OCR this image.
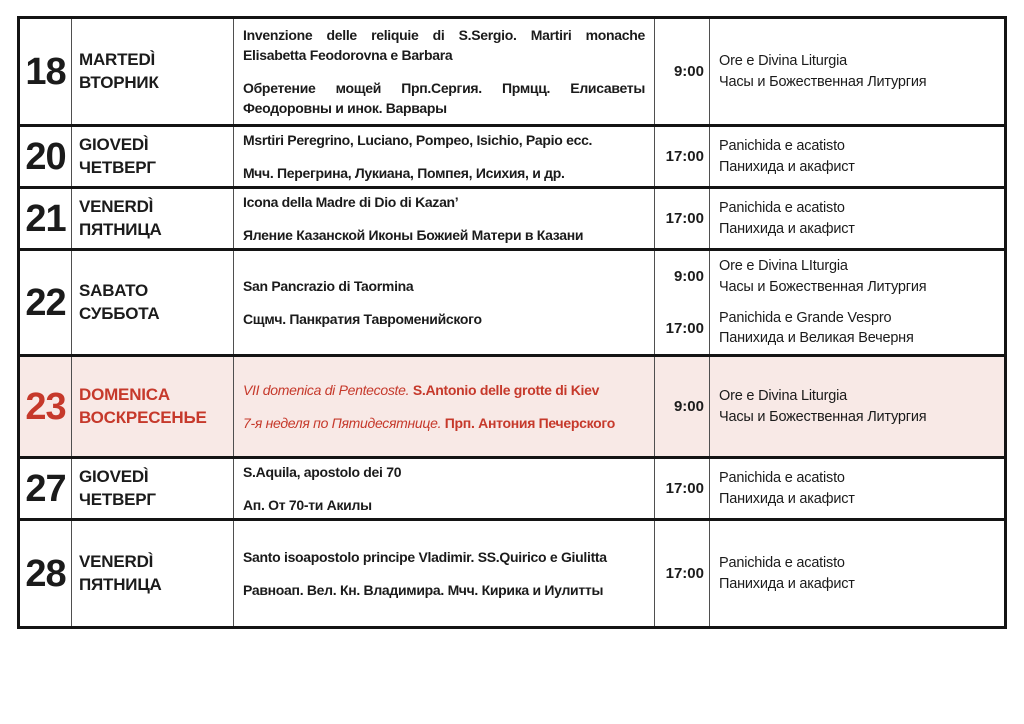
18 MARTEDÌ
ВТОРНИК

Invenzione delle reliquie di S.Sergio. Martiri monache Elisabetta Feodorovna e Barbara

Обретение мощей Прп.Сергия. Прмцц. Елисаветы Феодоровны и инок. Варвары

9:00
Ore e Divina Liturgia
Часы и Божественная Литургия
20 GIOVEDÌ
ЧЕТВЕРГ

Msrtiri Peregrino, Luciano, Pompeo, Isichio, Papio ecc.

Мчч. Перегрина, Лукиана, Помпея, Исихия, и др.

17:00
Panichida e acatisto
Панихида и акафист
21 VENERDÌ
ПЯТНИЦА

Icona della Madre di Dio di Kazan’

Яление Казанской Иконы Божией Матери в Казани

17:00
Panichida e acatisto
Панихида и акафист
22 SABATO
СУББОТА

San Pancrazio di Taormina

Сщмч. Панкратия Тавроменийского

9:00
17:00
Ore e Divina LIturgia
Часы и Божественная Литургия
Panichida e Grande Vespro
Панихида и Великая Вечерня
23 DOMENICA
ВОСКРЕСЕНЬЕ

VII domenica di Pentecoste. S.Antonio delle grotte di Kiev

7-я неделя по Пятидесятнице. Прп. Антония Печерского

9:00
Ore e Divina Liturgia
Часы и Божественная Литургия
27 GIOVEDÌ
ЧЕТВЕРГ

S.Aquila, apostolo dei 70

Ап. От 70-ти Акилы

17:00
Panichida e acatisto
Панихида и акафист
28 VENERDÌ
ПЯТНИЦА

Santo isoapostolo principe Vladimir. SS.Quirico e Giulitta

Равноап. Вел. Кн. Владимира. Мчч. Кирика и Иулитты

17:00
Panichida e acatisto
Панихида и акафист
